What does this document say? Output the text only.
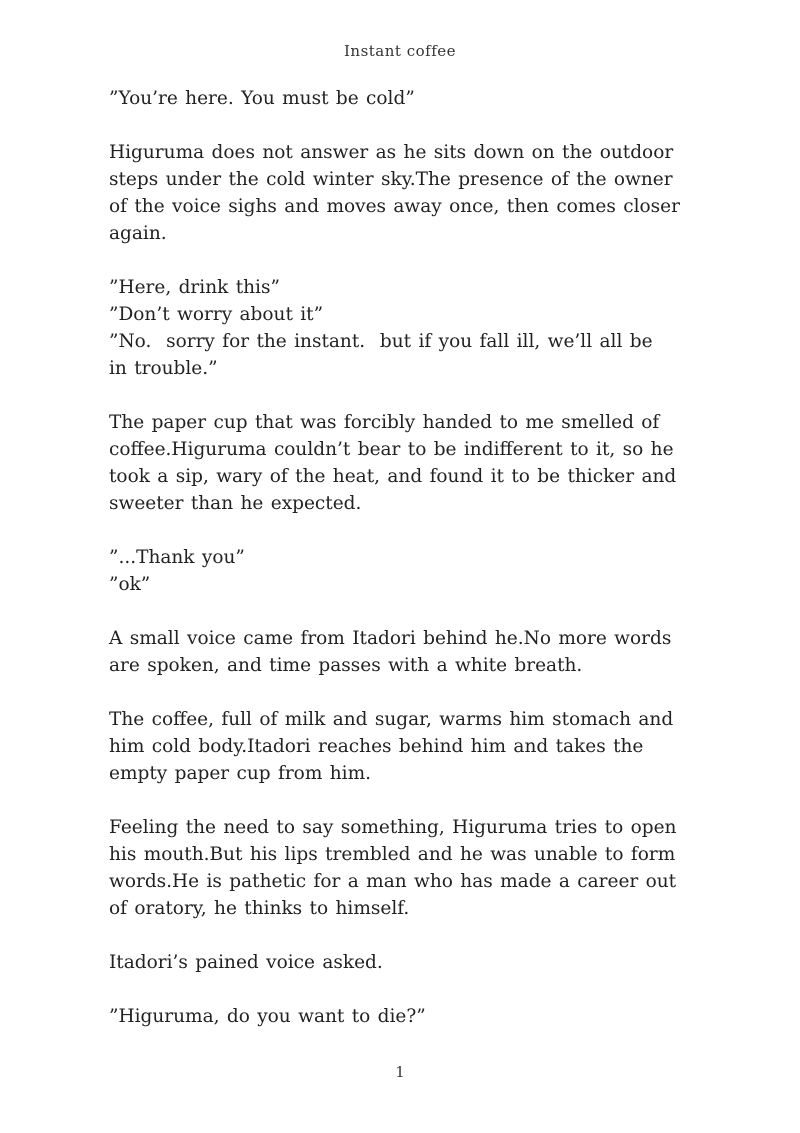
Instant coffee
”You’re here. You must be cold”
Higuruma does not answer as he sits down on the outdoor
steps under the cold winter sky.The presence of the owner
of the voice sighs and moves away once, then comes closer
again.
”Here, drink this”
”Don’t worry about it”
”No.  sorry for the instant.  but if you fall ill, we’ll all be
in trouble.”
The paper cup that was forcibly handed to me smelled of
coffee.Higuruma couldn’t bear to be indifferent to it, so he
took a sip, wary of the heat, and found it to be thicker and
sweeter than he expected.
”...Thank you”
”ok”
A small voice came from Itadori behind he.No more words
are spoken, and time passes with a white breath.
The coffee, full of milk and sugar, warms him stomach and
him cold body.Itadori reaches behind him and takes the
empty paper cup from him.
Feeling the need to say something, Higuruma tries to open
his mouth.But his lips trembled and he was unable to form
words.He is pathetic for a man who has made a career out
of oratory, he thinks to himself.
Itadori’s pained voice asked.
”Higuruma, do you want to die?”
1
